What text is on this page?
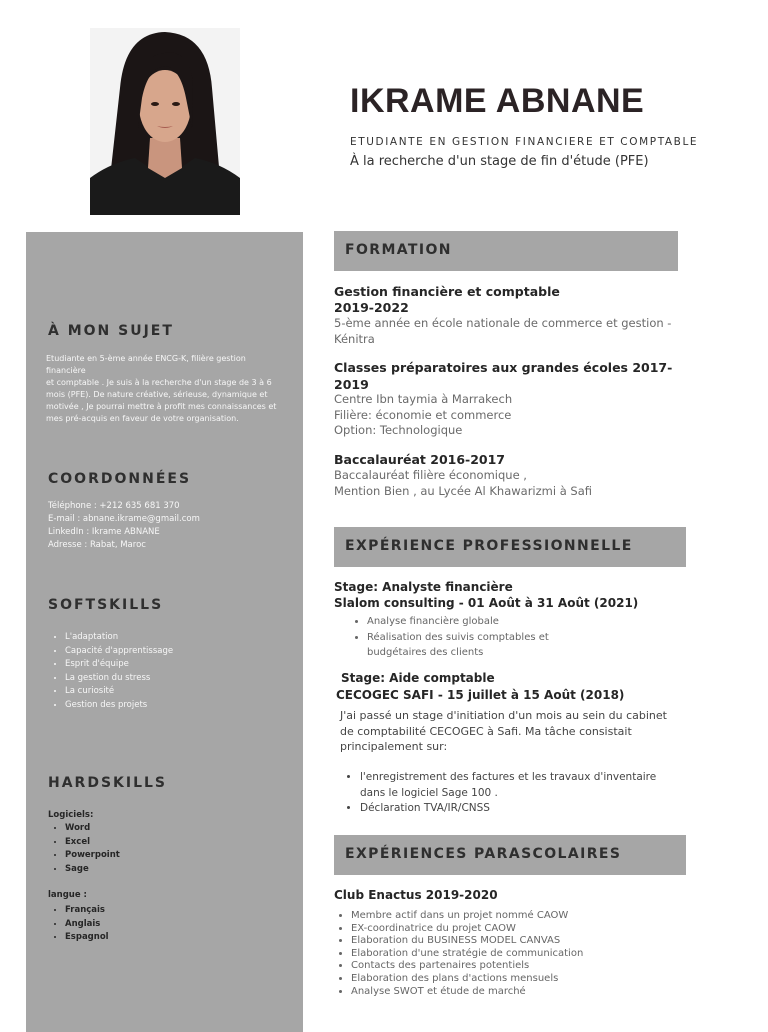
IKRAME ABNANE
ETUDIANTE EN GESTION FINANCIERE ET COMPTABLE
À la recherche d'un stage de fin d'étude (PFE)
À MON SUJET
Etudiante en 5-ème année ENCG-K, filière gestion financière
et comptable . Je suis à la recherche d'un stage de 3 à 6
mois (PFE). De nature créative, sérieuse, dynamique et
motivée , Je pourrai mettre à profit mes connaissances et
mes pré-acquis en faveur de votre organisation.
COORDONNÉES
Téléphone : +212 635 681 370
E-mail : abnane.ikrame@gmail.com
LinkedIn : Ikrame ABNANE
Adresse : Rabat, Maroc
SOFTSKILLS
• L'adaptation
• Capacité d'apprentissage
• Esprit d'équipe
• La gestion du stress
• La curiosité
• Gestion des projets
HARDSKILLS
Logiciels:
• Word
• Excel
• Powerpoint
• Sage
langue :
• Français
• Anglais
• Espagnol
FORMATION
Gestion financière et comptable
2019-2022
5-ème année en école nationale de commerce et gestion -
Kénitra
Classes préparatoires aux grandes écoles 2017-
2019
Centre Ibn taymia à Marrakech
Filière: économie et commerce
Option: Technologique
Baccalauréat 2016-2017
Baccalauréat filière économique ,
Mention Bien , au Lycée Al Khawarizmi à Safi
EXPÉRIENCE PROFESSIONNELLE
Stage: Analyste financière
Slalom consulting - 01 Août à 31 Août (2021)
• Analyse financière globale
• Réalisation des suivis comptables et
budgétaires des clients
Stage: Aide comptable
CECOGEC SAFI - 15 juillet à 15 Août (2018)
J'ai passé un stage d'initiation d'un mois au sein du cabinet
de comptabilité CECOGEC à Safi. Ma tâche consistait
principalement sur:
• l'enregistrement des factures et les travaux d'inventaire
dans le logiciel Sage 100 .
• Déclaration TVA/IR/CNSS
EXPÉRIENCES PARASCOLAIRES
Club Enactus 2019-2020
• Membre actif dans un projet nommé CAOW
• EX-coordinatrice du projet CAOW
• Elaboration du BUSINESS MODEL CANVAS
• Elaboration d'une stratégie de communication
• Contacts des partenaires potentiels
• Elaboration des plans d'actions mensuels
• Analyse SWOT et étude de marché
